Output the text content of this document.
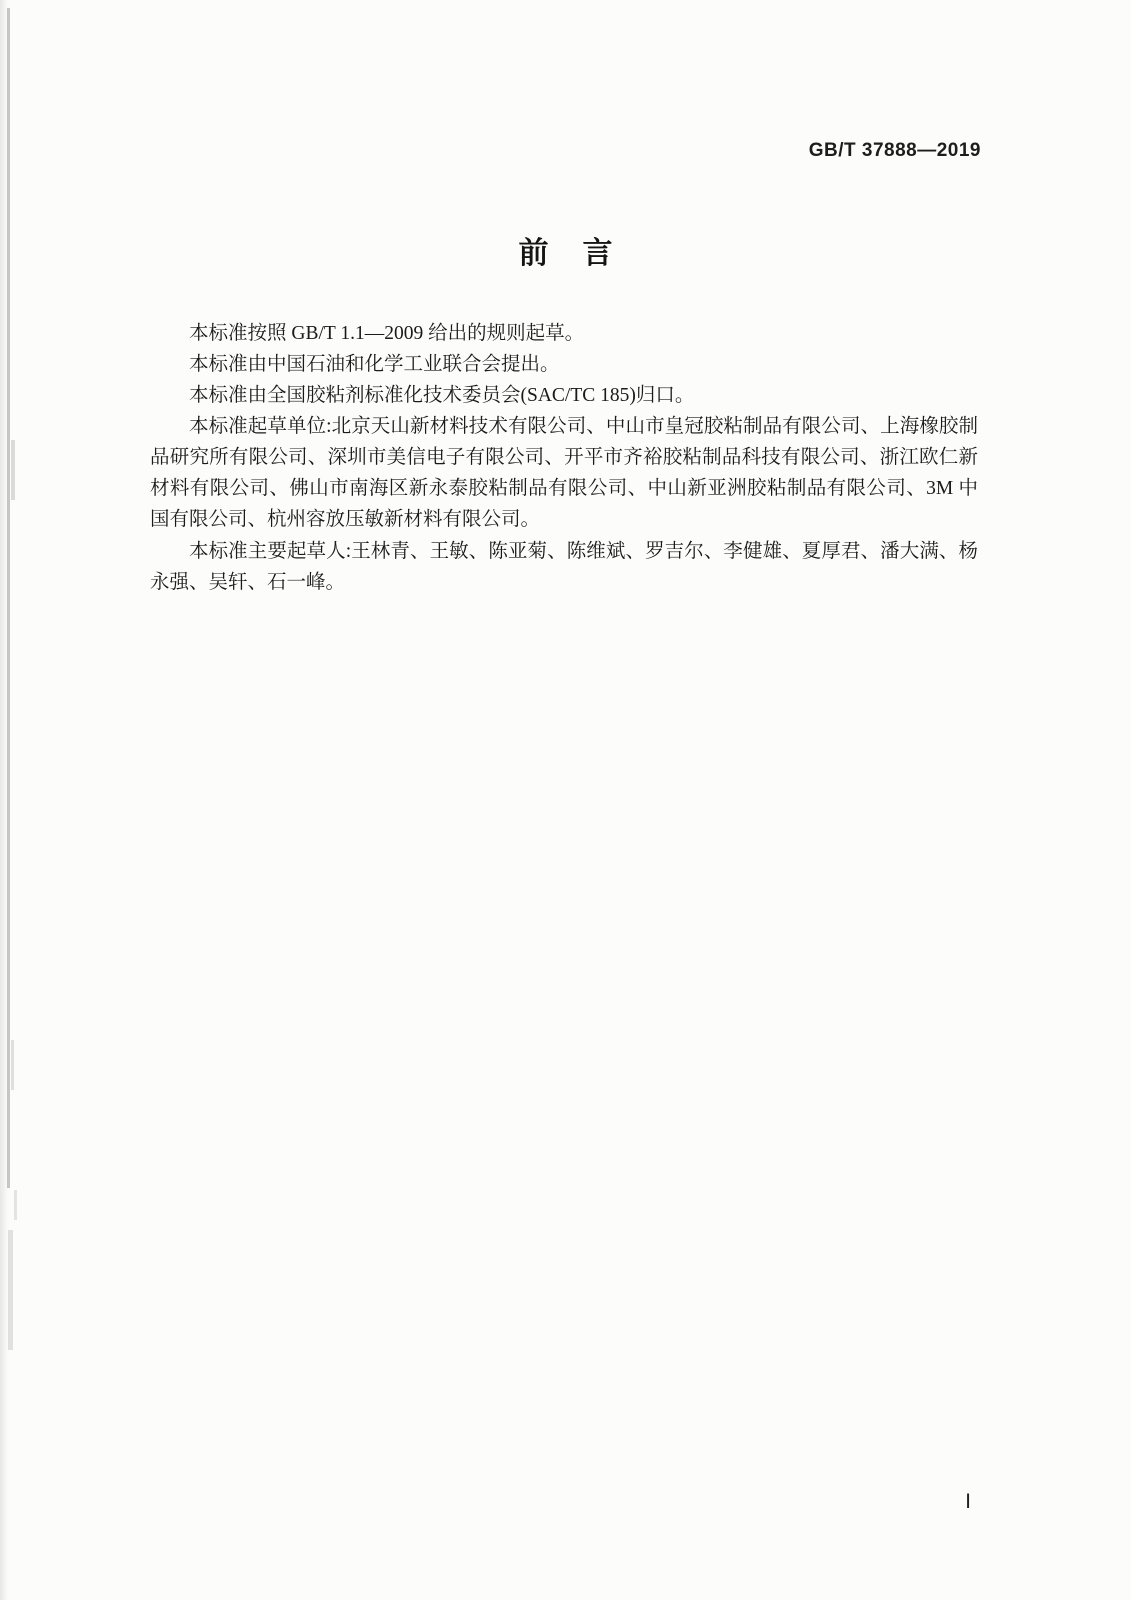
GB/T 37888—2019
前言

本标准按照 GB/T 1.1—2009 给出的规则起草。

本标准由中国石油和化学工业联合会提出。

本标准由全国胶粘剂标准化技术委员会(SAC/TC 185)归口。

本标准起草单位:北京天山新材料技术有限公司、中山市皇冠胶粘制品有限公司、上海橡胶制品研究所有限公司、深圳市美信电子有限公司、开平市齐裕胶粘制品科技有限公司、浙江欧仁新材料有限公司、佛山市南海区新永泰胶粘制品有限公司、中山新亚洲胶粘制品有限公司、3M 中国有限公司、杭州容放压敏新材料有限公司。

本标准主要起草人:王林青、王敏、陈亚菊、陈维斌、罗吉尔、李健雄、夏厚君、潘大满、杨永强、吴轩、石一峰。

Ⅰ
